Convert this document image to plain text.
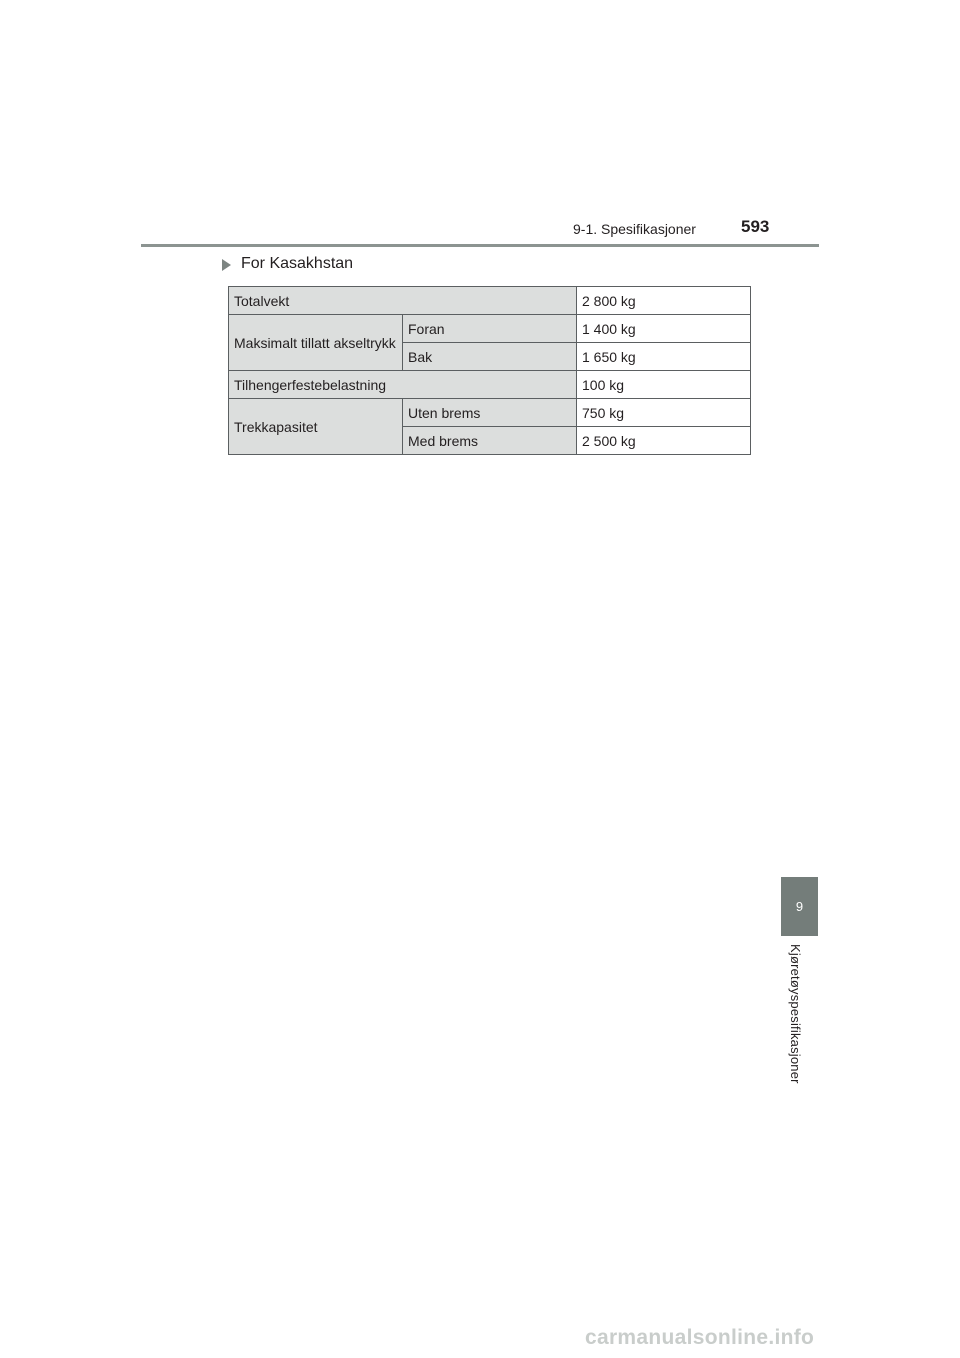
9-1. Spesifikasjoner	593
For Kasakhstan
Totalvekt		2 800 kg
Maksimalt tillatt akseltrykk	Foran	1 400 kg
	Bak	1 650 kg
Tilhengerfestebelastning		100 kg
Trekkapasitet	Uten brems	750 kg
	Med brems	2 500 kg
9
Kjøretøyspesifikasjoner
carmanualsonline.info
